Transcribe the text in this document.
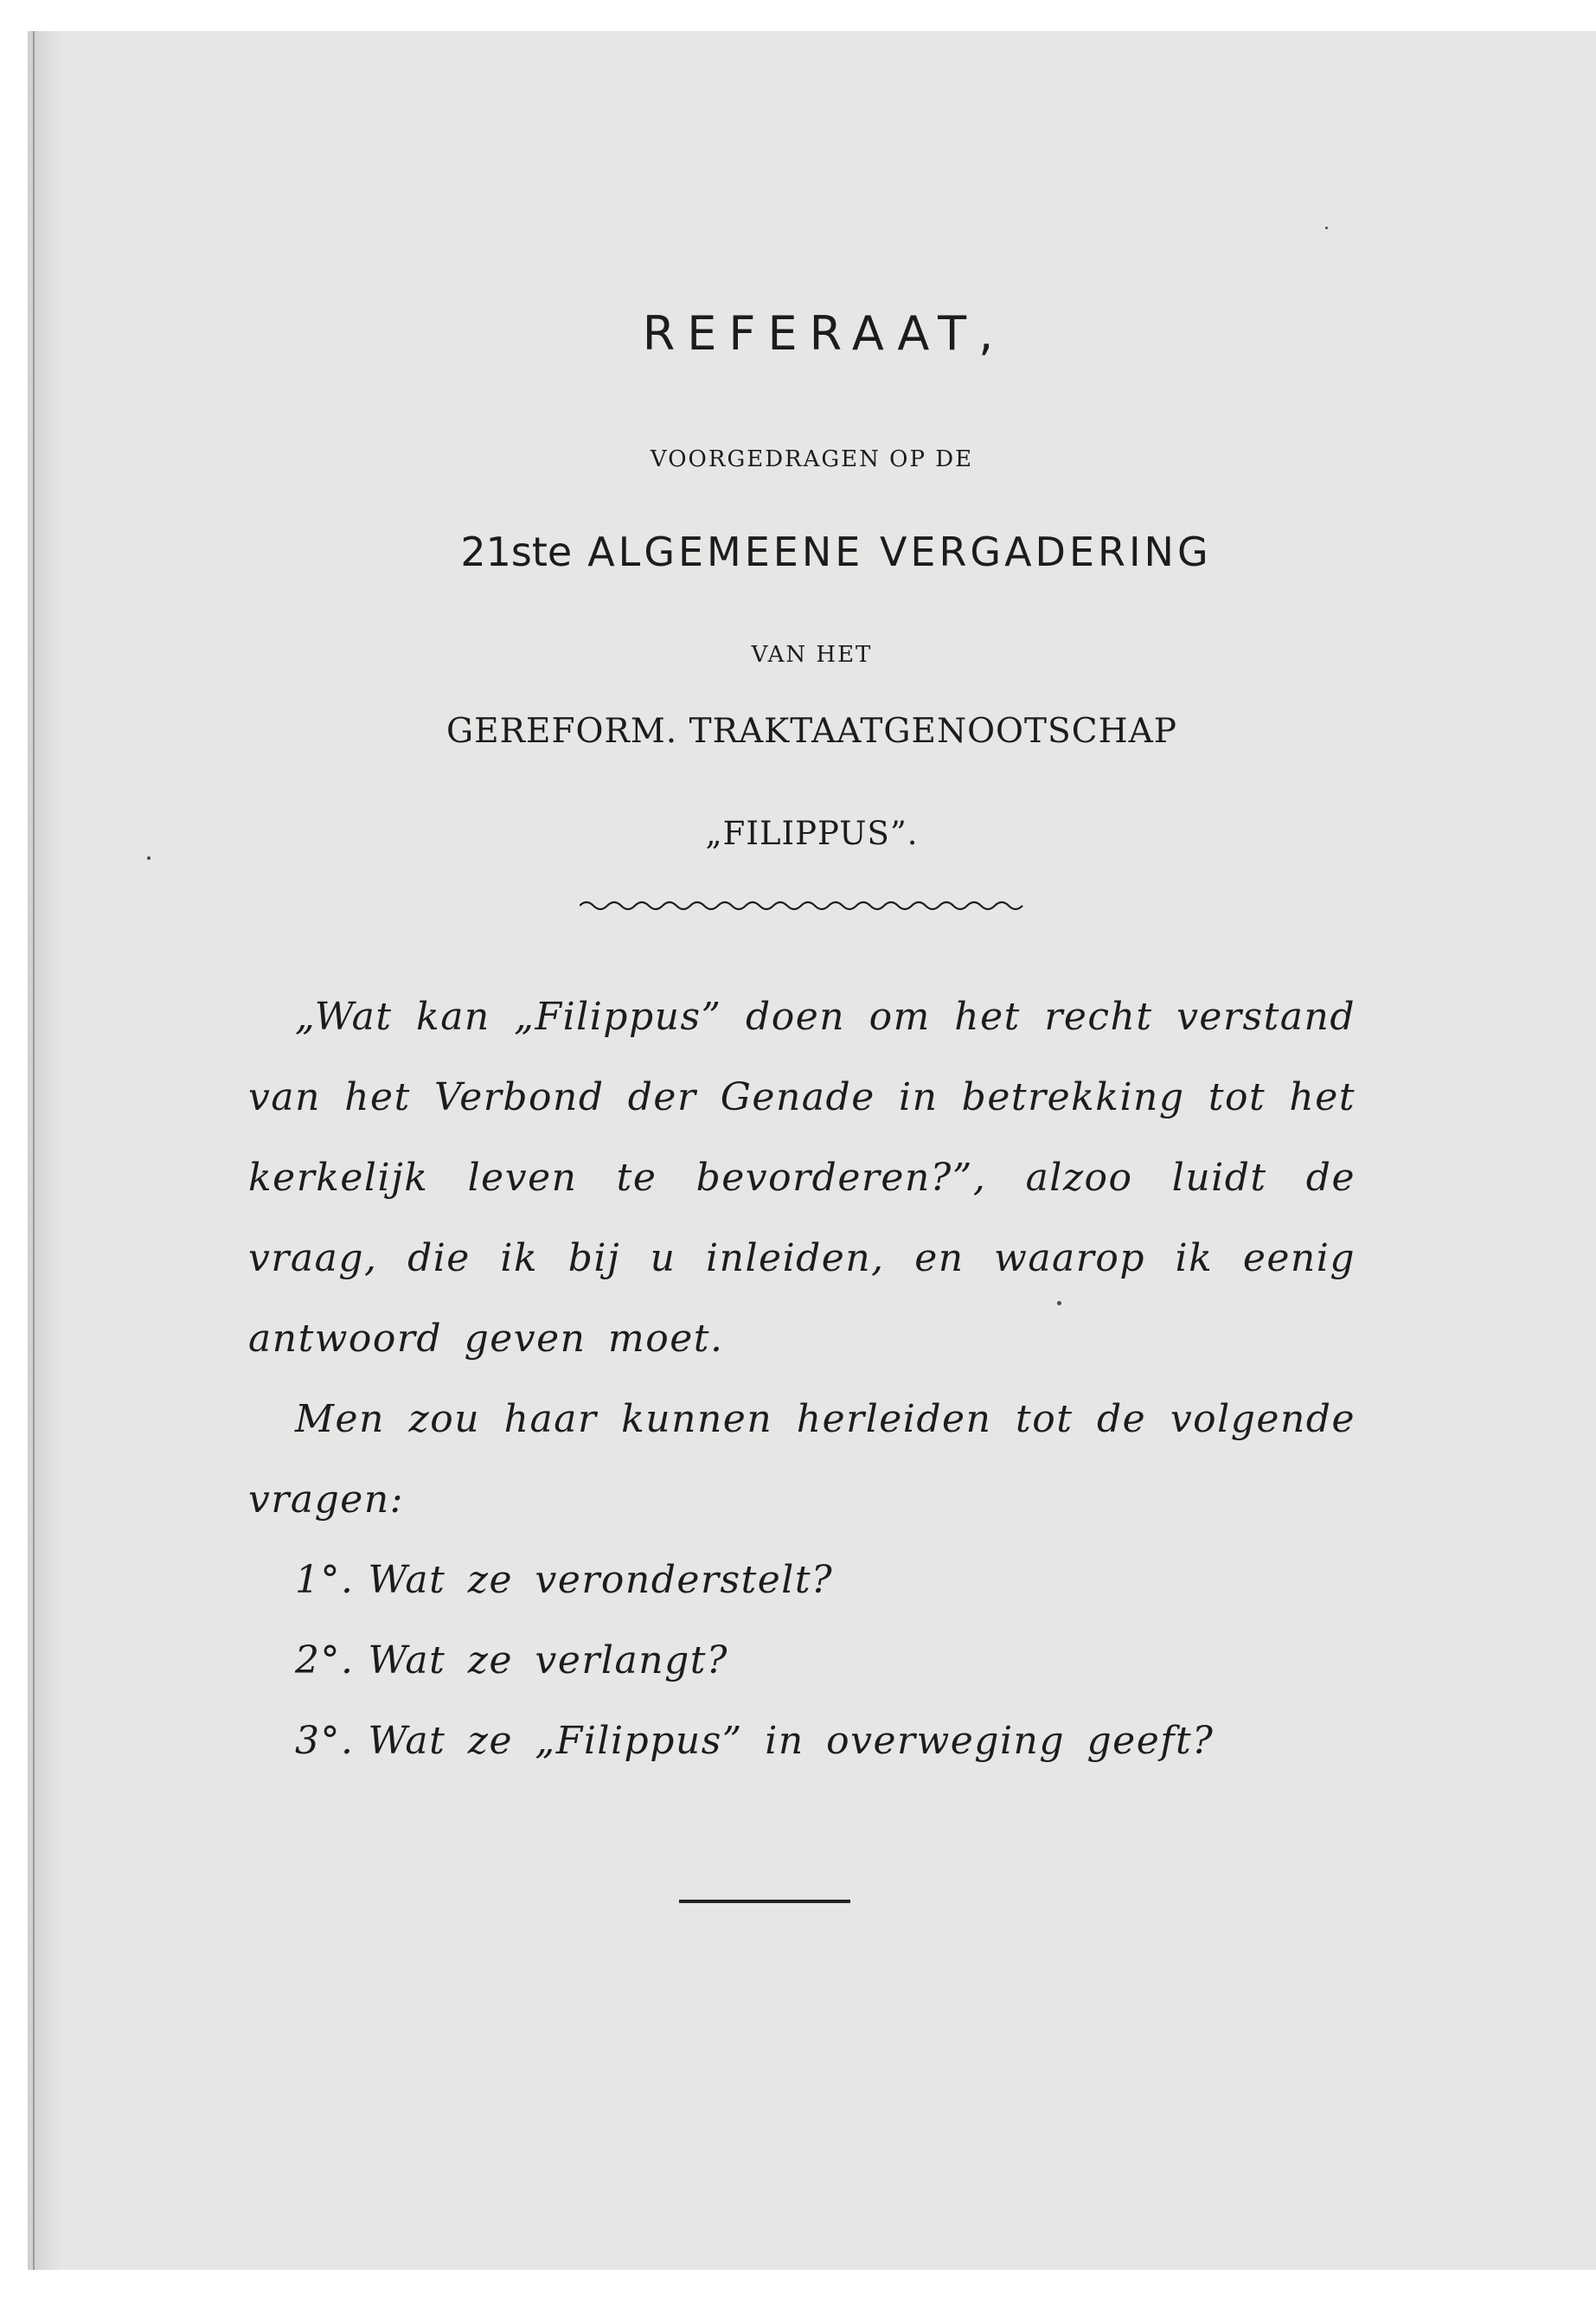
REFERAAT,
VOORGEDRAGEN OP DE
21ste ALGEMEENE VERGADERING
VAN HET
GEREFORM. TRAKTAATGENOOTSCHAP
„FILIPPUS”.

„Wat kan „Filippus” doen om het recht verstand van het Verbond der Genade in betrekking tot het kerkelijk leven te bevorderen?”, alzoo luidt de vraag, die ik bij u inleiden, en waarop ik eenig antwoord geven moet.

Men zou haar kunnen herleiden tot de volgende vragen:

1°. Wat ze veronderstelt?
2°. Wat ze verlangt?
3°. Wat ze „Filippus” in overweging geeft?
